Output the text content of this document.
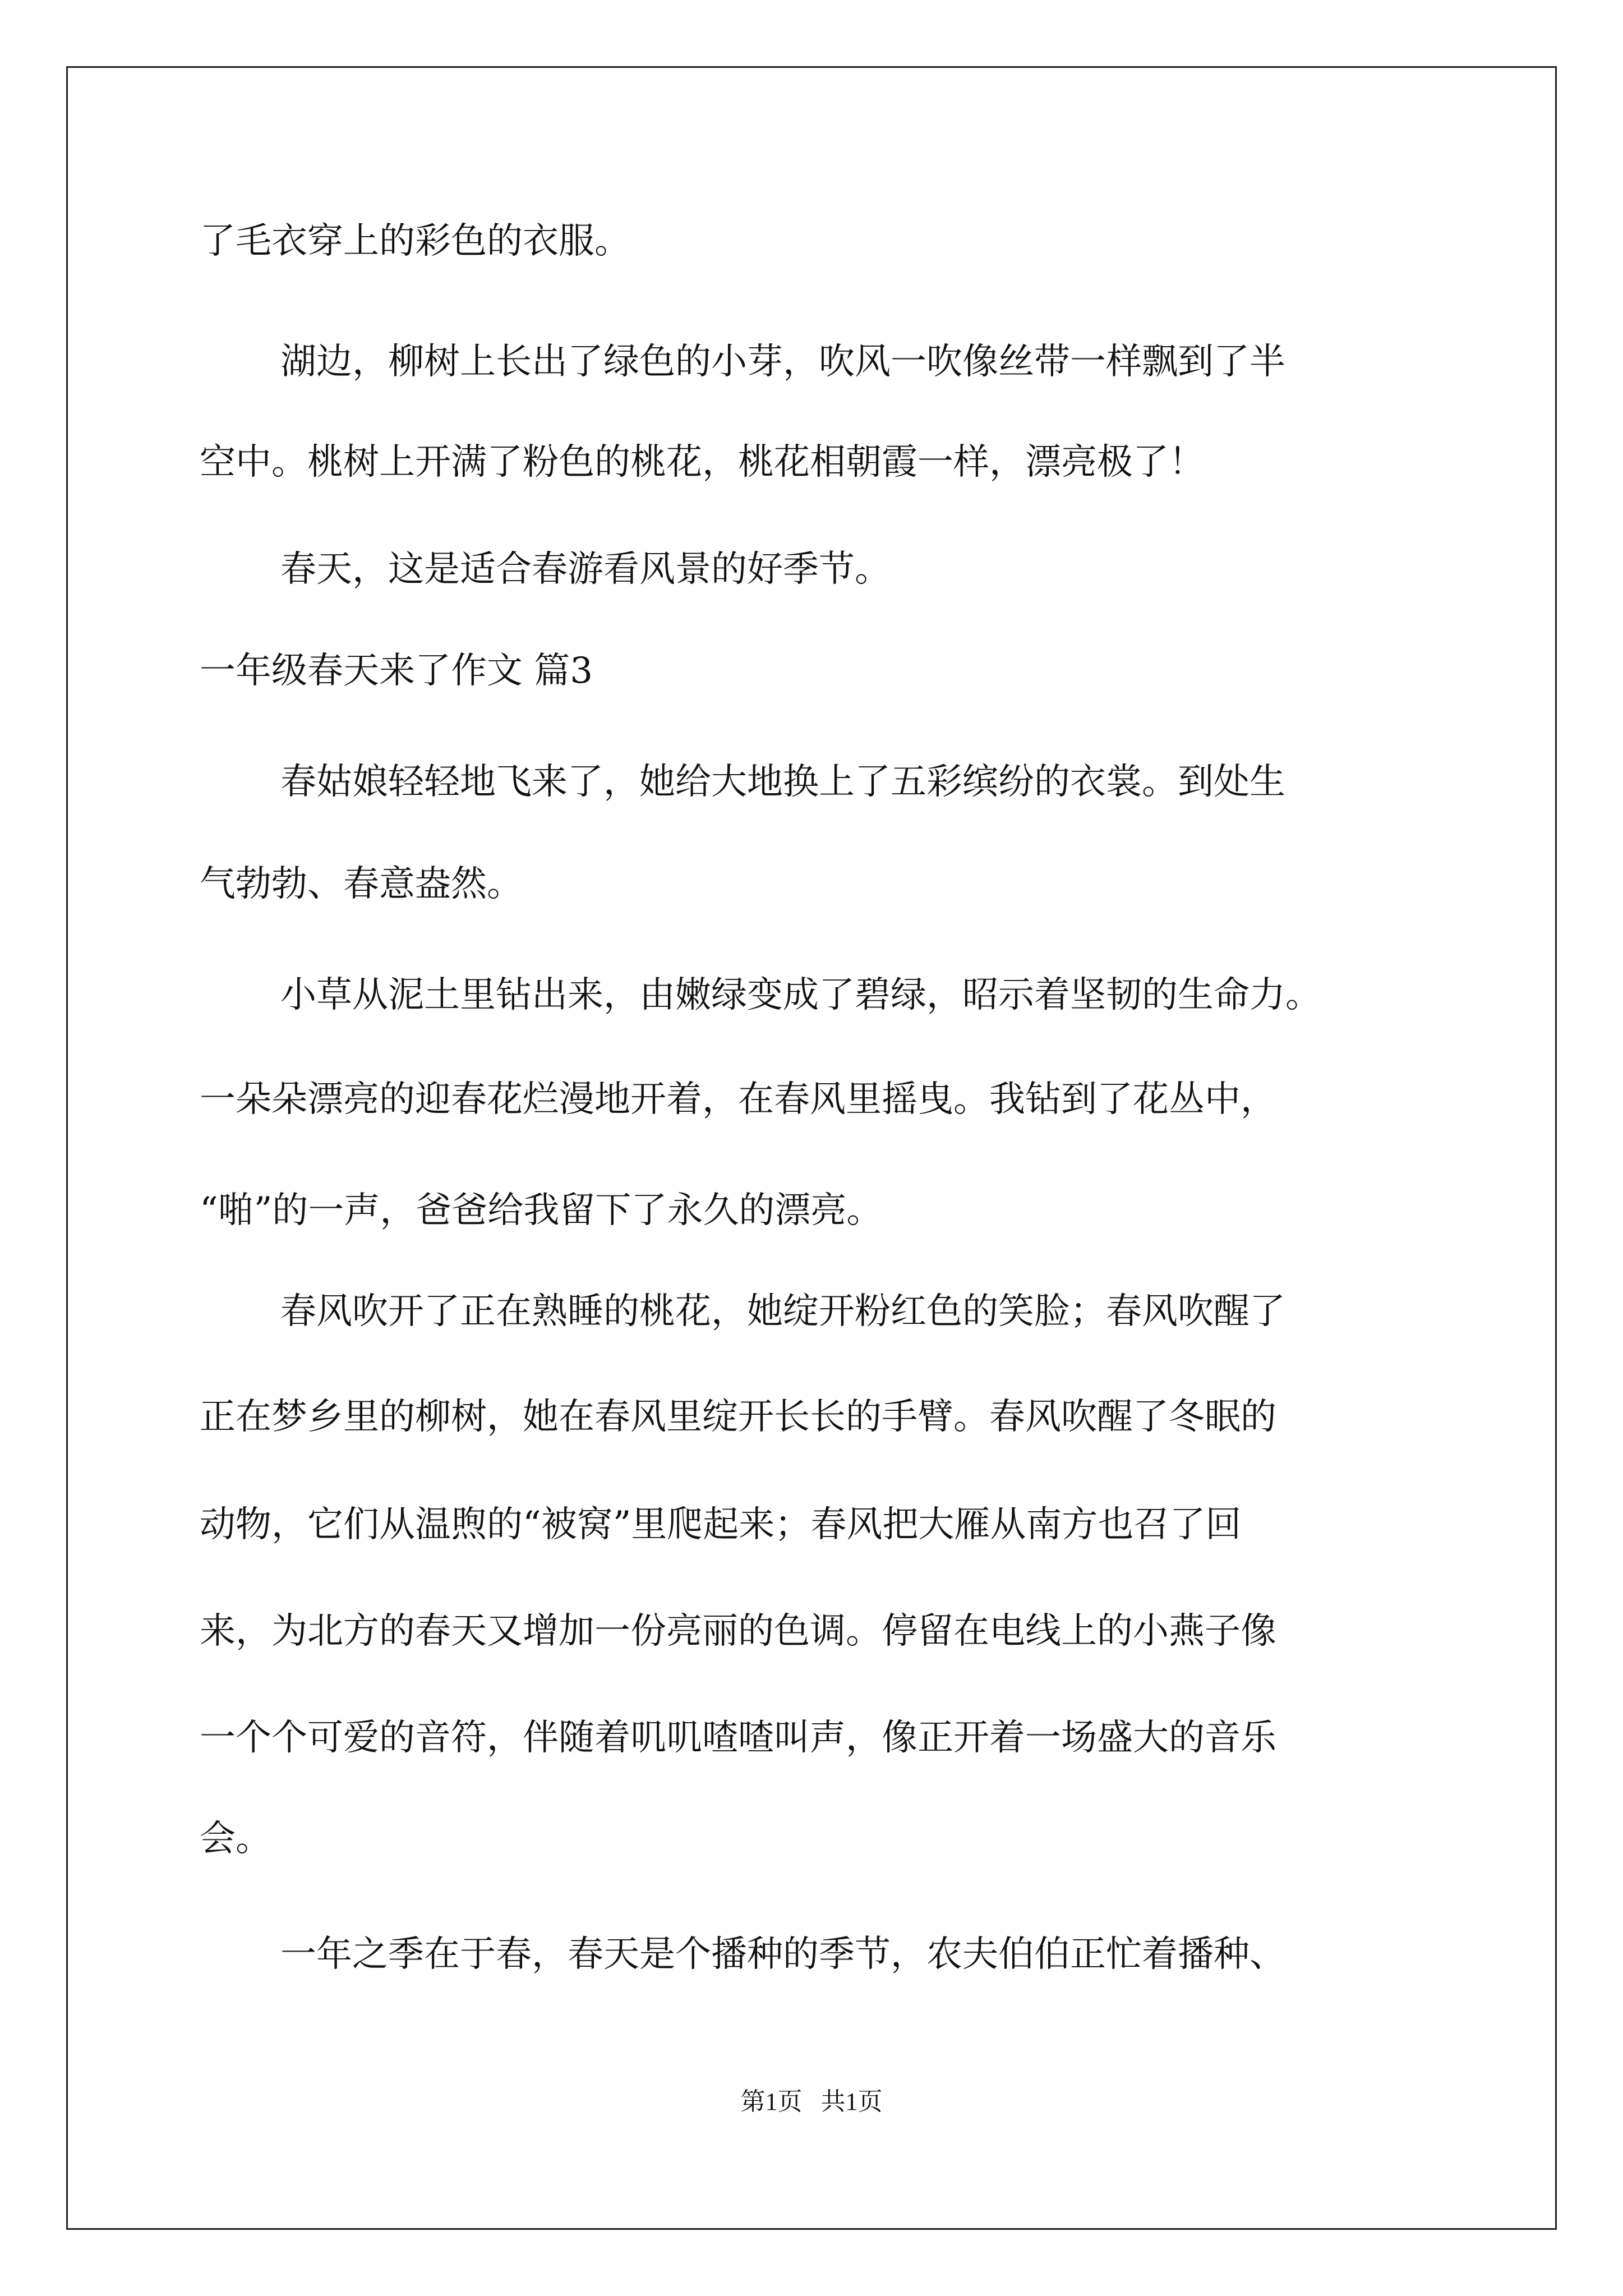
了毛衣穿上的彩色的衣服。
湖边，柳树上长出了绿色的小芽，吹风一吹像丝带一样飘到了半
空中。桃树上开满了粉色的桃花，桃花相朝霞一样，漂亮极了！
春天，这是适合春游看风景的好季节。
一年级春天来了作文 篇3
春姑娘轻轻地飞来了，她给大地换上了五彩缤纷的衣裳。到处生
气勃勃、春意盎然。
小草从泥土里钻出来，由嫩绿变成了碧绿，昭示着坚韧的生命力。
一朵朵漂亮的迎春花烂漫地开着，在春风里摇曳。我钻到了花丛中，
“啪”的一声，爸爸给我留下了永久的漂亮。
春风吹开了正在熟睡的桃花，她绽开粉红色的笑脸；春风吹醒了
正在梦乡里的柳树，她在春风里绽开长长的手臂。春风吹醒了冬眠的
动物，它们从温煦的“被窝”里爬起来；春风把大雁从南方也召了回
来，为北方的春天又增加一份亮丽的色调。停留在电线上的小燕子像
一个个可爱的音符，伴随着叽叽喳喳叫声，像正开着一场盛大的音乐
会。
一年之季在于春，春天是个播种的季节，农夫伯伯正忙着播种、
第1页   共1页
